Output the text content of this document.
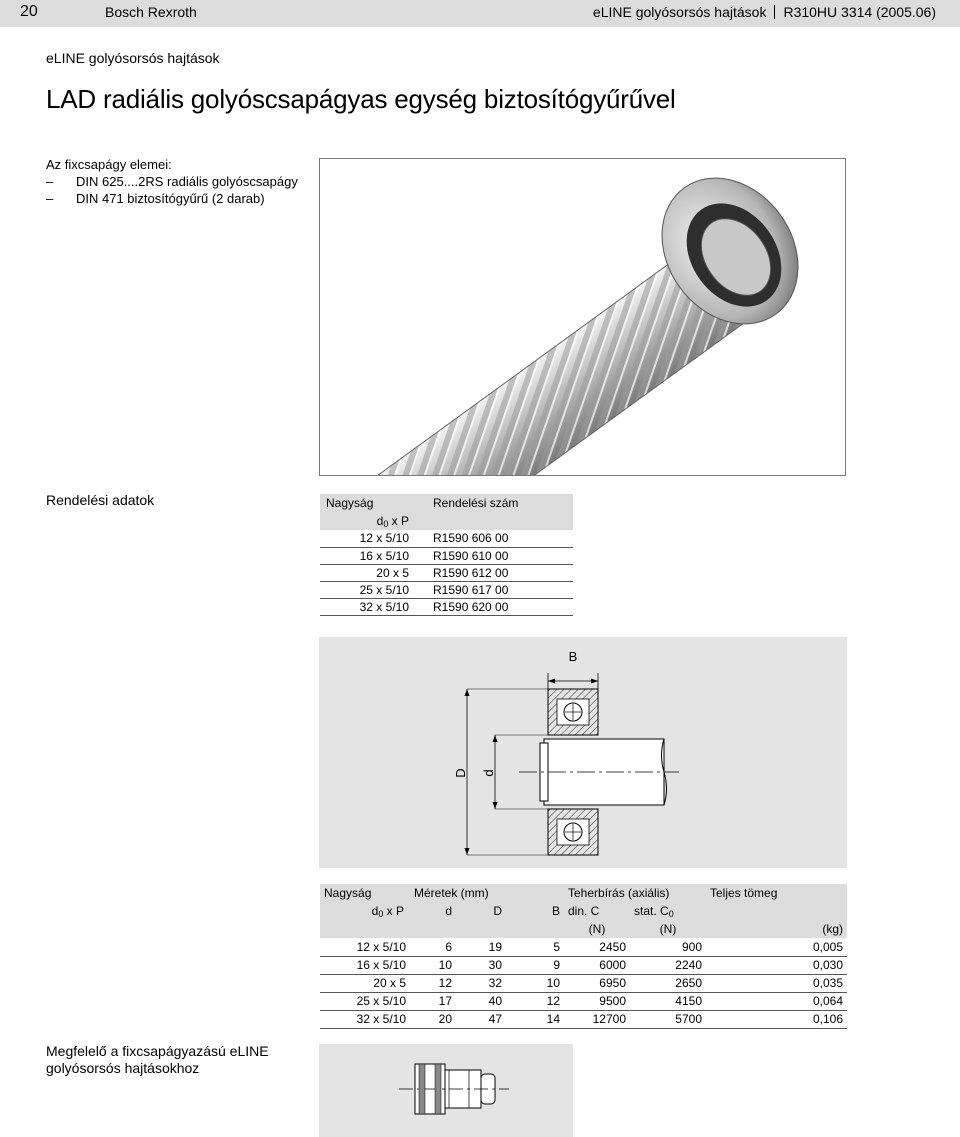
20	Bosch Rexroth	eLINE golyósorsós hajtások R310HU 3314 (2005.06)
eLINE golyósorsós hajtások
LAD radiális golyóscsapágyas egység biztosítógyűrűvel
Az fixcsapágy elemei:
– DIN 625....2RS radiális golyóscsapágy
– DIN 471 biztosítógyűrű (2 darab)
Rendelési adatok	Nagyság	Rendelési szám
$d_0$ x P	
12 x 5/10	R1590 606 00
16 x 5/10	R1590 610 00
20 x 5	R1590 612 00
25 x 5/10	R1590 617 00
32 x 5/10	R1590 620 00
B
D d
Nagyság	Méretek (mm)			Teherbírás (axiális)		Teljes tömeg
$d_0$ x P	d	D	B	din. C	stat. $C_0$	
				(N)	(N)	(kg)
12 x 5/10	6	19	5	2450	900	0,005
16 x 5/10	10	30	9	6000	2240	0,030
20 x 5	12	32	10	6950	2650	0,035
25 x 5/10	17	40	12	9500	4150	0,064
32 x 5/10	20	47	14	12700	5700	0,106
Megfelelő a fixcsapágyazású eLINE
golyósorsós hajtásokhoz
